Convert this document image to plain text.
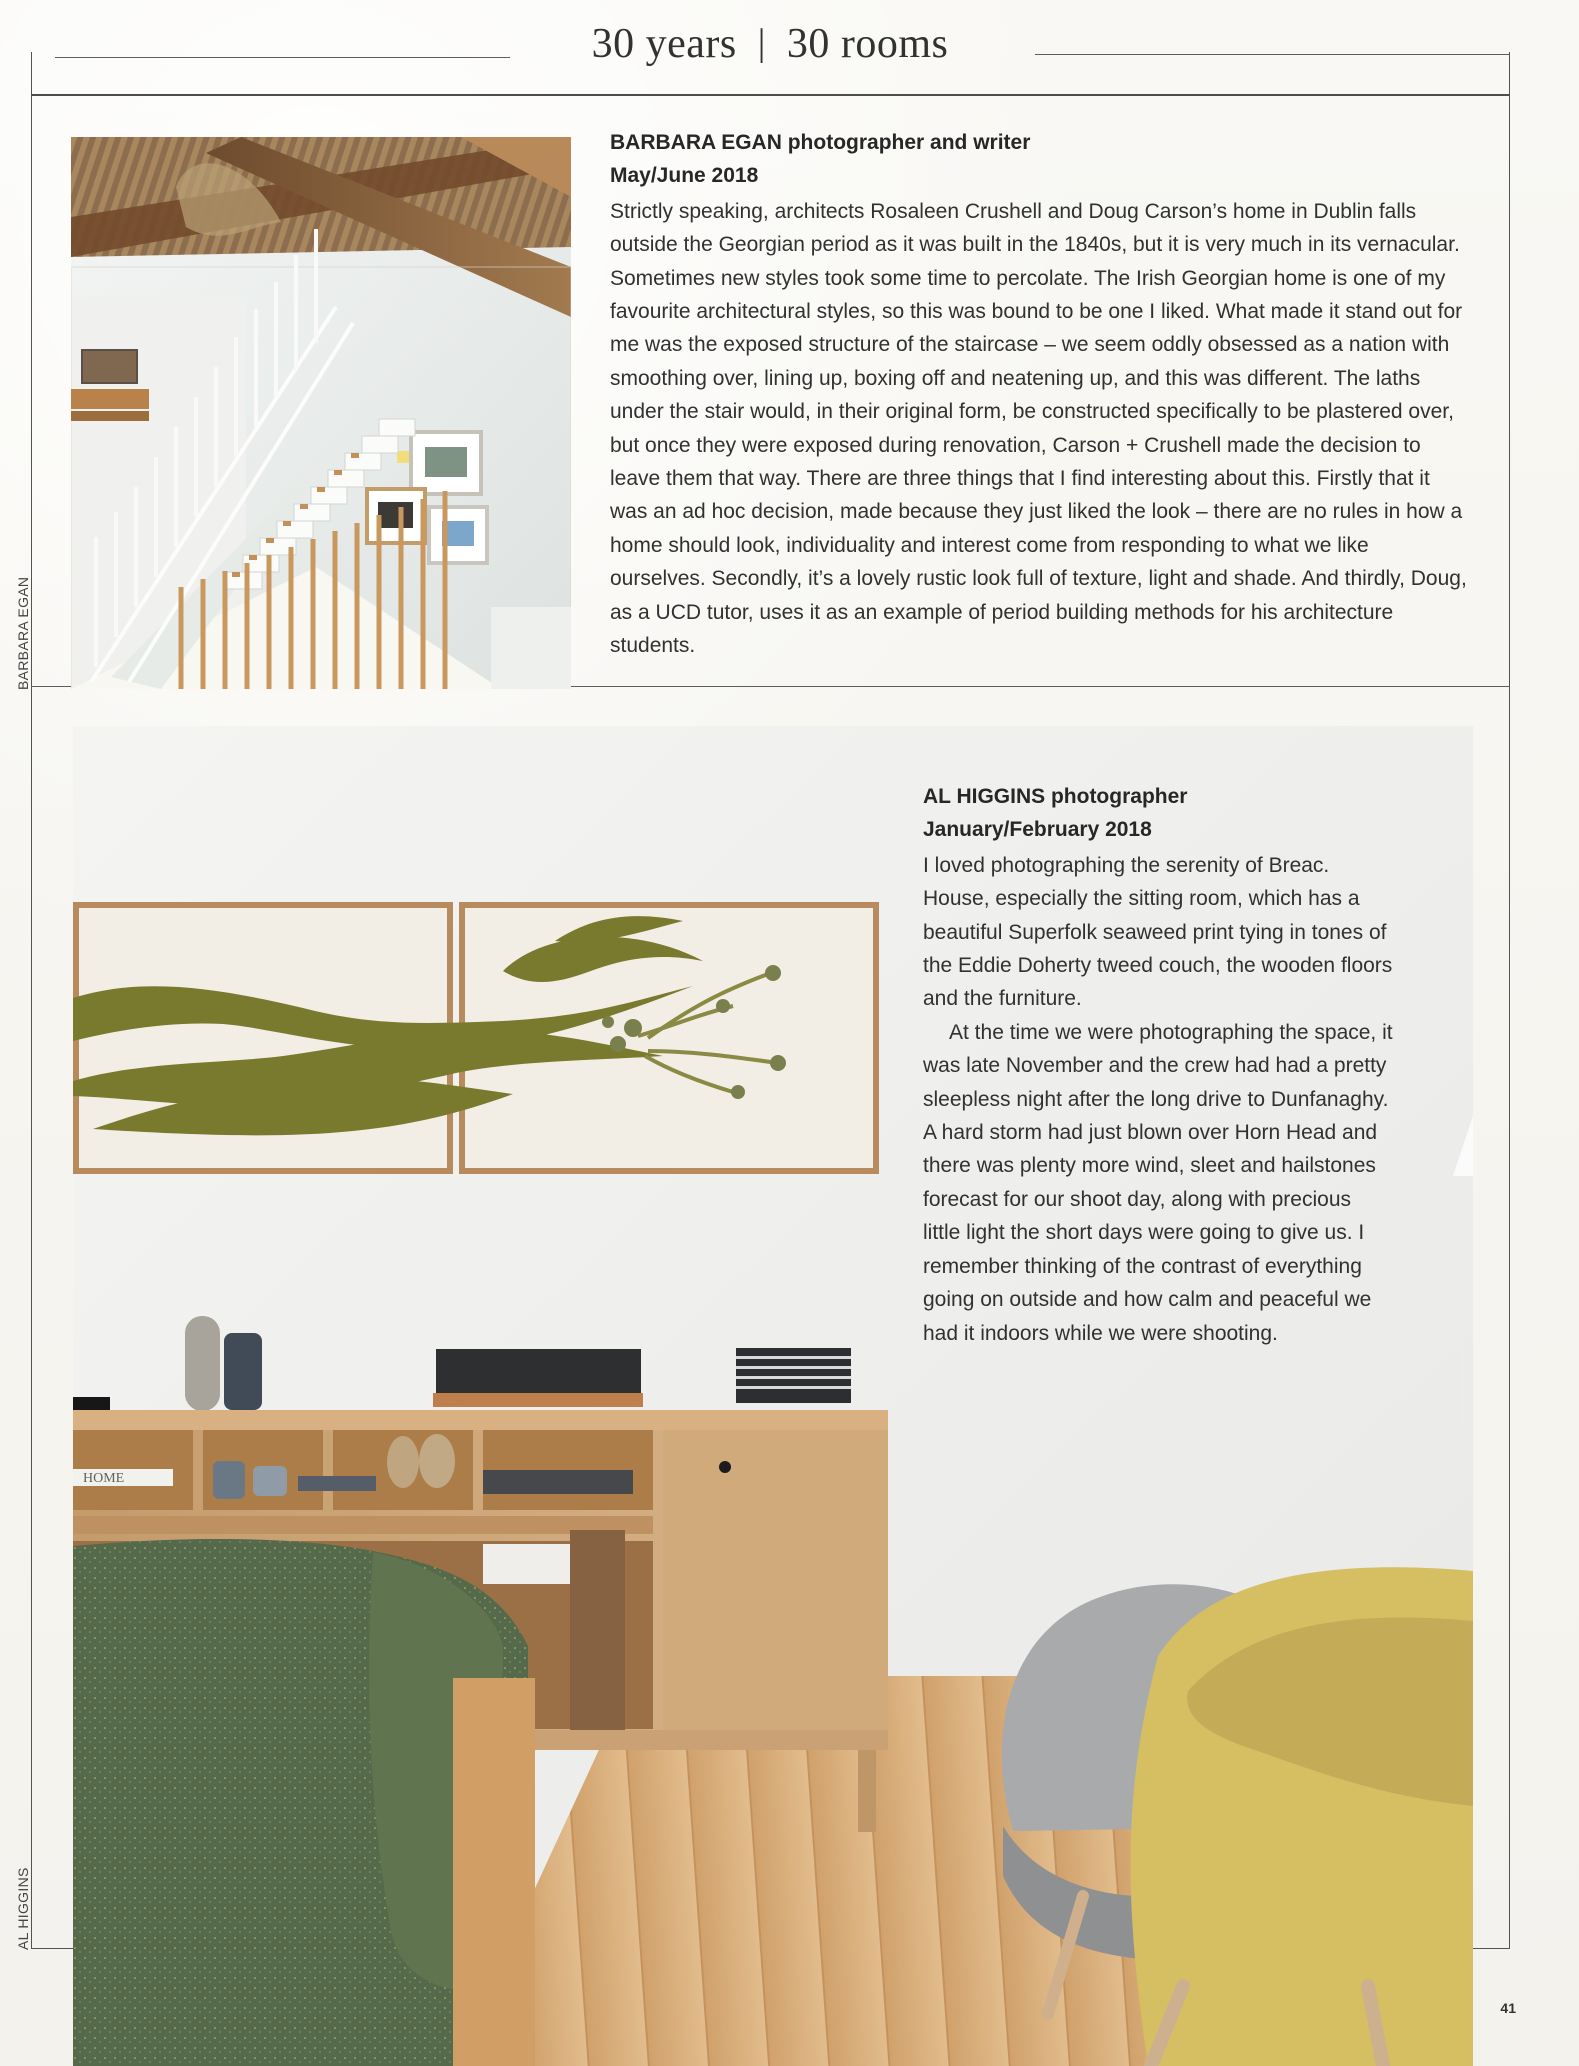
30 years | 30 rooms
BARBARA EGAN photographer and writer
May/June 2018

Strictly speaking, architects Rosaleen Crushell and Doug Carson’s home in Dublin falls outside the Georgian period as it was built in the 1840s, but it is very much in its vernacular. Sometimes new styles took some time to percolate. The Irish Georgian home is one of my favourite architectural styles, so this was bound to be one I liked. What made it stand out for me was the exposed structure of the staircase – we seem oddly obsessed as a nation with smoothing over, lining up, boxing off and neatening up, and this was different. The laths under the stair would, in their original form, be constructed specifically to be plastered over, but once they were exposed during renovation, Carson + Crushell made the decision to leave them that way. There are three things that I find interesting about this. Firstly that it was an ad hoc decision, made because they just liked the look – there are no rules in how a home should look, individuality and interest come from responding to what we like ourselves. Secondly, it’s a lovely rustic look full of texture, light and shade. And thirdly, Doug, as a UCD tutor, uses it as an example of period building methods for his architecture students.

HOME
AL HIGGINS photographer
January/February 2018

I loved photographing the serenity of Breac. House, especially the sitting room, which has a beautiful Superfolk seaweed print tying in tones of the Eddie Doherty tweed couch, the wooden floors and the furniture.

At the time we were photographing the space, it was late November and the crew had had a pretty sleepless night after the long drive to Dunfanaghy. A hard storm had just blown over Horn Head and there was plenty more wind, sleet and hailstones forecast for our shoot day, along with precious little light the short days were going to give us. I remember thinking of the contrast of everything going on outside and how calm and peaceful we had it indoors while we were shooting.

BARBARA EGAN
AL HIGGINS
41
